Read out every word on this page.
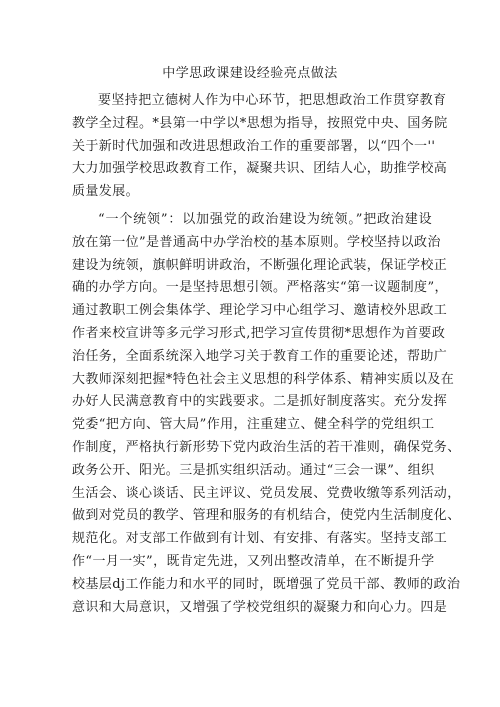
中学思政课建设经验亮点做法
要坚持把立德树人作为中心环节，把思想政治工作贯穿教育
教学全过程。*县第一中学以*思想为指导，按照党中央、国务院
关于新时代加强和改进思想政治工作的重要部署，以“四个一''
大力加强学校思政教育工作，凝聚共识、团结人心，助推学校高
质量发展。
“一个统领”：以加强党的政治建设为统领。”把政治建设
放在第一位”是普通高中办学治校的基本原则。学校坚持以政治
建设为统领，旗帜鲜明讲政治，不断强化理论武装，保证学校正
确的办学方向。一是坚持思想引领。严格落实“第一议题制度”，
通过教职工例会集体学、理论学习中心组学习、邀请校外思政工
作者来校宣讲等多元学习形式,把学习宣传贯彻*思想作为首要政
治任务，全面系统深入地学习关于教育工作的重要论述，帮助广
大教师深刻把握*特色社会主义思想的科学体系、精神实质以及在
办好人民满意教育中的实践要求。二是抓好制度落实。充分发挥
党委“把方向、管大局”作用，注重建立、健全科学的党组织工
作制度，严格执行新形势下党内政治生活的若干准则，确保党务、
政务公开、阳光。三是抓实组织活动。通过“三会一课”、组织
生活会、谈心谈话、民主评议、党员发展、党费收缴等系列活动，
做到对党员的教学、管理和服务的有机结合，使党内生活制度化、
规范化。对支部工作做到有计划、有安排、有落实。坚持支部工
作“一月一实”，既肯定先进，又列出整改清单，在不断提升学
校基层dj工作能力和水平的同时，既增强了党员干部、教师的政治
意识和大局意识，又增强了学校党组织的凝聚力和向心力。四是
